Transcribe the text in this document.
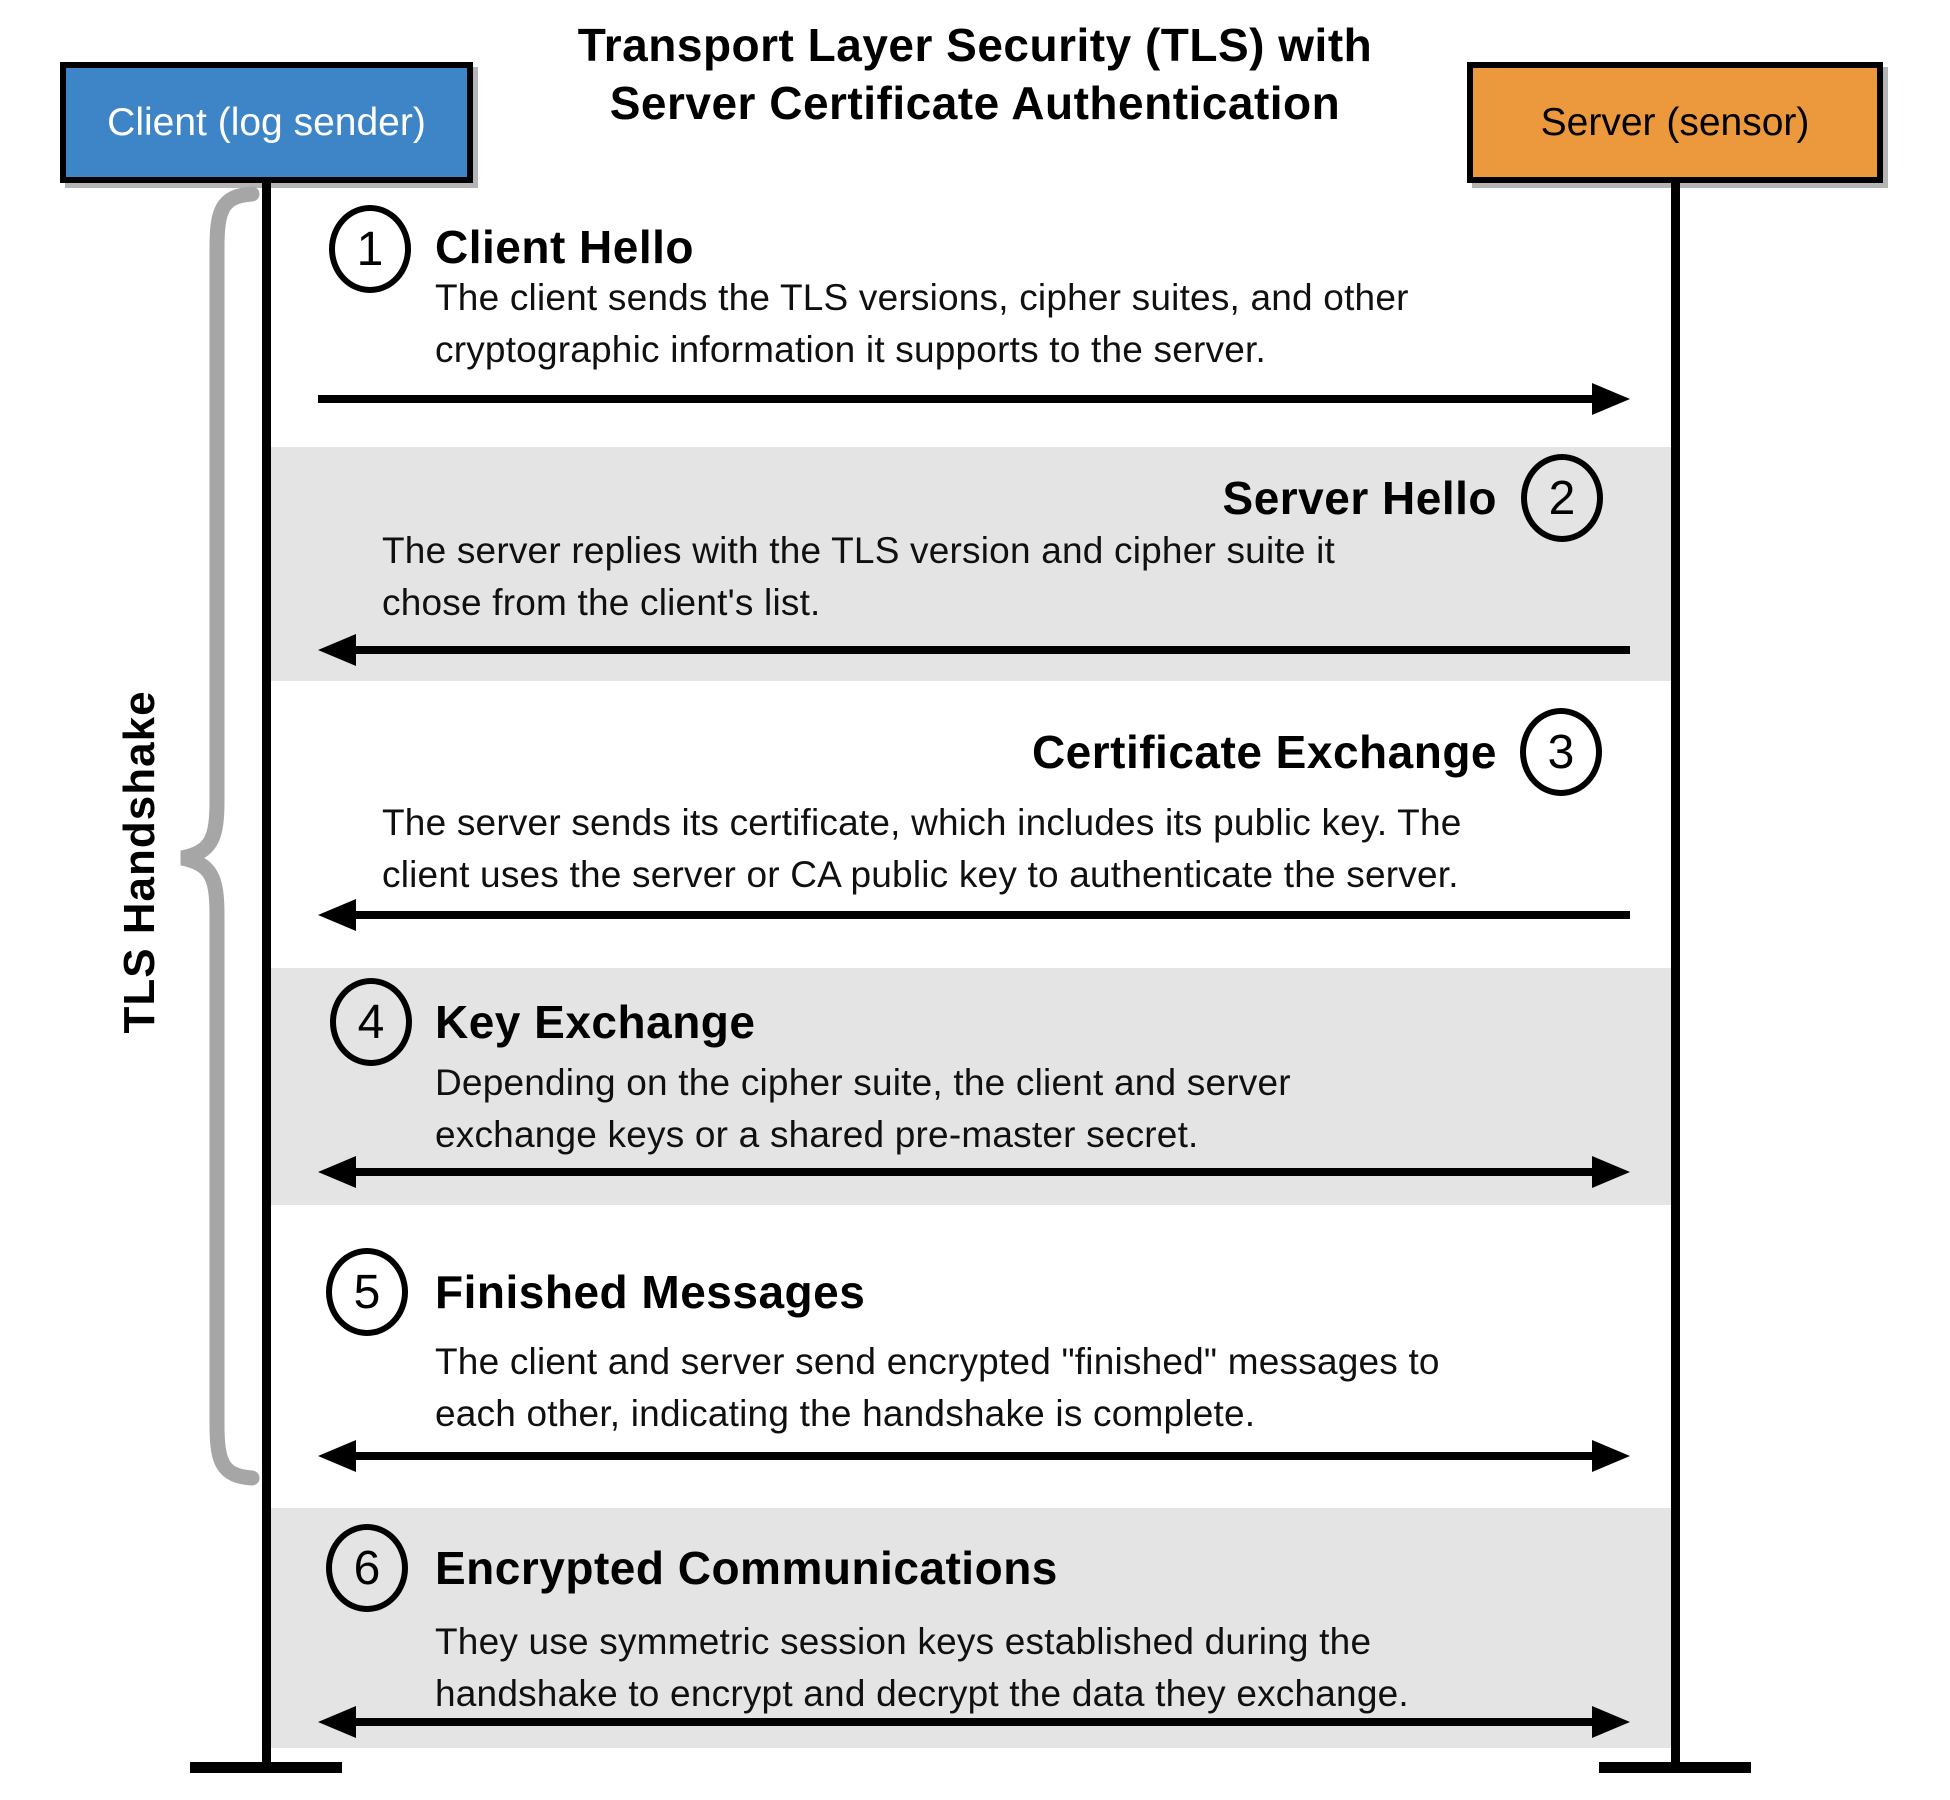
Transport Layer Security (TLS) with
Server Certificate Authentication
Client (log sender)	Server (sensor)
TLS Handshake
1 Client Hello
The client sends the TLS versions, cipher suites, and other
cryptographic information it supports to the server.
2
Server Hello
The server replies with the TLS version and cipher suite it
chose from the client's list.
3
Certificate Exchange
The server sends its certificate, which includes its public key. The
client uses the server or CA public key to authenticate the server.
4 Key Exchange
Depending on the cipher suite, the client and server
exchange keys or a shared pre-master secret.
5 Finished Messages
The client and server send encrypted "finished" messages to
each other, indicating the handshake is complete.
6 Encrypted Communications
They use symmetric session keys established during the
handshake to encrypt and decrypt the data they exchange.
